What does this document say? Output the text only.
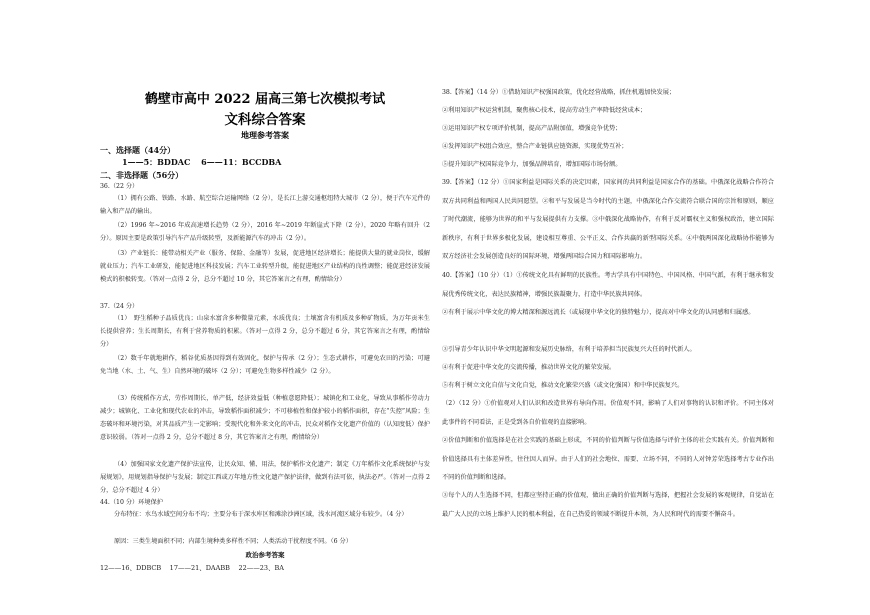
鹤壁市高中 2022 届高三第七次模拟考试
文科综合答案
地理参考答案
一、选择题（44分）
1——5：BDDAC　 6——11：BCCDBA
二、非选择题（56分）

36.（22 分）

（1）拥有公路、铁路、水路、航空综合运输网络（2 分），是长江上游交通枢纽特大城市（2 分），便于汽车元件的输入和产品的输出。

（2）1996 年~2016 年成高速增长趋势（2 分），2016 年~2019 年断崖式下降（2 分），2020 年略有回升（2 分）。原因主要是政策引导汽车产品升级转型，及新能源汽车的冲击（2 分）。

（3）产业链长：能带动相关产业（服务、保险、金融等）发展，促进地区经济增长；能提供大量的就业岗位，缓解就业压力；汽车工业研发，能促进地区科技发展；汽车工业转型升级，能促进地区产业结构的良性调整；能促进经济发展模式的积极转变。（答对一点得 2 分，总分不超过 10 分，其它答案言之有理，酌情给分）

37.（24 分）

（1）　野生稻种子品质优良；山泉水富含多种微量元素，水质优良；土壤富含有机质及多种矿物质，为万年贡米生长提供营养；生长周期长，有利于营养物质的积累。（答对一点得 2 分，总分不超过 6 分，其它答案言之有理，酌情给分）

（2）数千年就地耕作，稻谷优质基因得到有效固化，保护与传承（2 分）；生态式耕作，可避免农田的污染；可避免当地（水、土、气、生）自然环境的破坏（2 分）；可避免生物多样性减少（2 分）。

（3）传统稻作方式，劳作周期长，单产低，经济效益低（种植意愿降低）；城镇化和工业化，导致从事稻作劳动力减少；城镇化、工业化和现代农业的冲击，导致稻作面积减少；不可移植性和保护较小的稻作面积，存在“失控”风险；生态破坏和环境污染，对其品质产生一定影响；受现代化和外来文化的冲击，民众对稻作文化遗产价值的（认知度低）保护意识较弱。（答对一点得 2 分，总分不超过 8 分，其它答案言之有理，酌情给分）

（4）加强国家文化遗产保护法宣传，让民众知、懂、用法，保护稻作文化遗产；制定《万年稻作文化系统保护与发展规划》，用规划指导保护与发展；制定江西或万年地方性文化遗产保护法律，做到有法可依，执法必严。（答对一点得 2 分，总分不超过 4 分）

44.（10 分）环境保护

分布特征：水鸟水域空间分布不均；主要分布于深水库区和滩涂沙洲区域，浅水河流区域分布较少。（4 分）

原因：三类生境面积不同；内部生境种类多样性不同；人类活动干扰程度不同。（6 分）

政治参考答案

12——16、DDBCB　 17——21、DAABB　 22——23、BA

38.【答案】（14 分）①借助知识产权强国政策，优化经营战略，抓住机遇加快发展；

②利用知识产权运营机制，聚焦核心技术，提高劳动生产率降低经营成本；

③运用知识产权专项评价机制，提高产品附加值，增强竞争优势；

④发挥知识产权组合效应，整合产业链供应链资源，实现优势互补；

⑤提升知识产权国际竞争力，加强品牌培育，增加国际市场份额。

39.【答案】（12 分）①国家利益是国际关系的决定因素，国家间的共同利益是国家合作的基础。中俄深化战略合作符合双方共同利益和两国人民共同愿望。②和平与发展是当今时代的主题，中俄深化合作交流符合联合国的宗旨和原则，顺应了时代潮流，能够为世界的和平与发展提供有力支撑。③中俄深化战略协作，有利于反对霸权主义和强权政治，建立国际新秩序，有利于世界多极化发展，建设相互尊重、公平正义、合作共赢的新型国际关系。④中俄两国深化战略协作能够为双方经济社会发展创造良好的国际环境，增强两国综合国力和国际影响力。

40.【答案】（10 分）（1）①传统文化具有鲜明的民族性。考古学具有中国特色、中国风格、中国气派，有利于继承和发展优秀传统文化，表达民族精神，增强民族凝聚力，打造中华民族共同体。

②有利于展示中华文化的博大精深和源远流长（或展现中华文化的独特魅力），提高对中华文化的认同感和归属感。

③引导青少年认识中华文明起源和发展历史脉络，有利于培养担当民族复兴大任的时代新人。

④有利于促进中华文化的交流传播，推动世界文化的繁荣发展。

⑤有利于树立文化自信与文化自觉，推动文化繁荣兴盛（或文化强国）和中华民族复兴。

（2）（12 分）①价值观对人们认识和改造世界有导向作用。价值观不同，影响了人们对事物的认识和评价。不同主体对此事件的不同看法，正是受到各自价值观的直接影响。

②价值判断和价值选择是在社会实践的基础上形成，不同的价值判断与价值选择与评价主体的社会实践有关。价值判断和价值选择具有主体差异性，往往因人而异。由于人们的社会地位、需要、立场不同，不同的人对钟芳荣选择考古专业作出不同的价值判断和选择。

③每个人的人生选择不同，但都应坚持正确的价值观，做出正确的价值判断与选择，把握社会发展的客观规律，自觉站在最广大人民的立场上维护人民的根本利益，在自己热爱的领域不断提升本领，为人民和时代的需要不懈奋斗。
